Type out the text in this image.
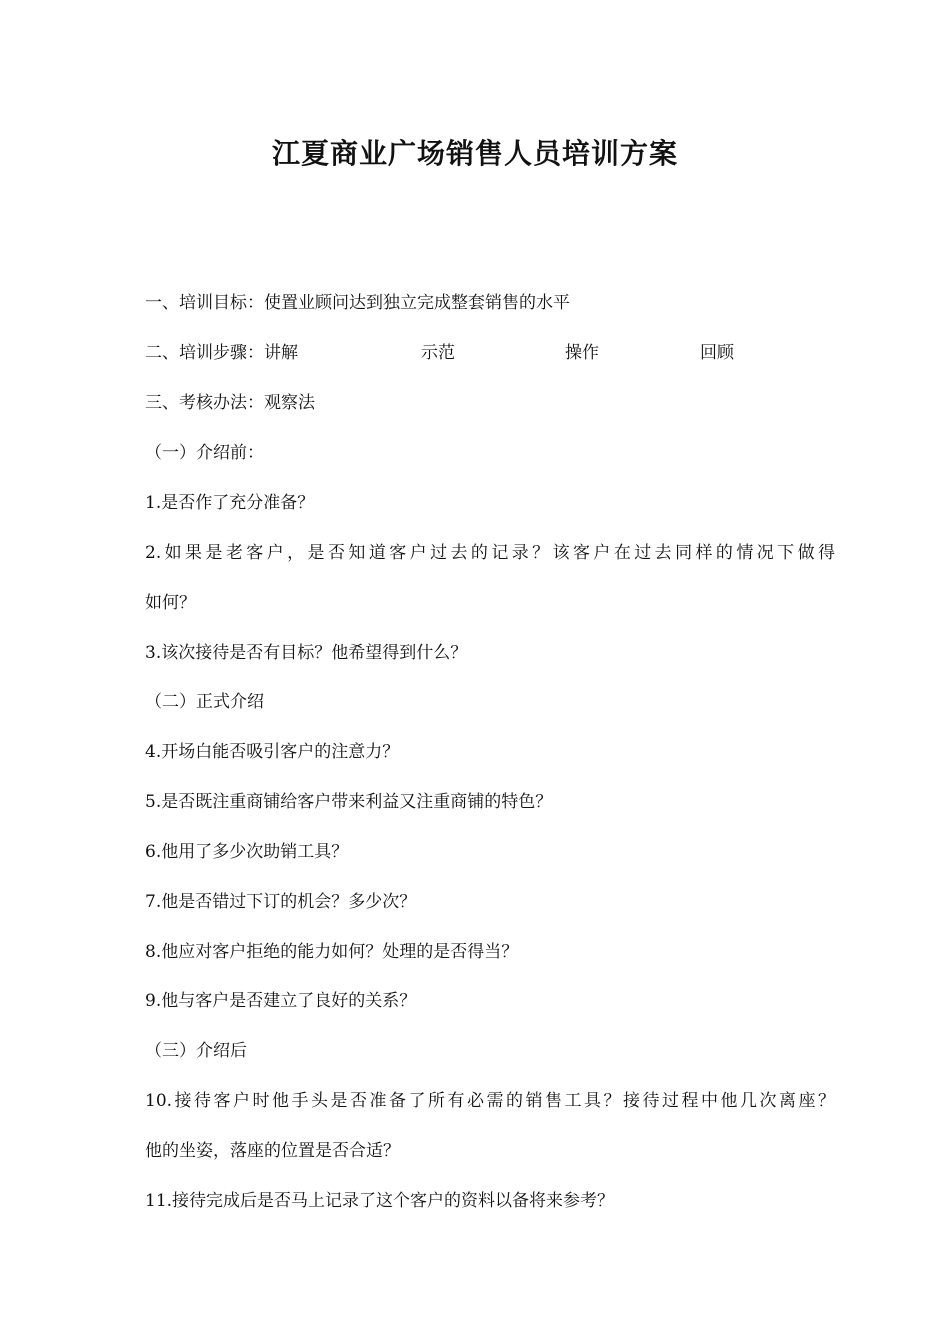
江夏商业广场销售人员培训方案
一、培训目标：使置业顾问达到独立完成整套销售的水平
二、培训步骤：讲解	示范	操作	回顾
三、考核办法：观察法
（一）介绍前：
1.是否作了充分准备？
2.如果是老客户，是否知道客户过去的记录？该客户在过去同样的情况下做得
如何？
3.该次接待是否有目标？他希望得到什么？
（二）正式介绍
4.开场白能否吸引客户的注意力？
5.是否既注重商铺给客户带来利益又注重商铺的特色？
6.他用了多少次助销工具？
7.他是否错过下订的机会？多少次？
8.他应对客户拒绝的能力如何？处理的是否得当？
9.他与客户是否建立了良好的关系？
（三）介绍后
10.接待客户时他手头是否准备了所有必需的销售工具？接待过程中他几次离座？
他的坐姿，落座的位置是否合适？
11.接待完成后是否马上记录了这个客户的资料以备将来参考？
